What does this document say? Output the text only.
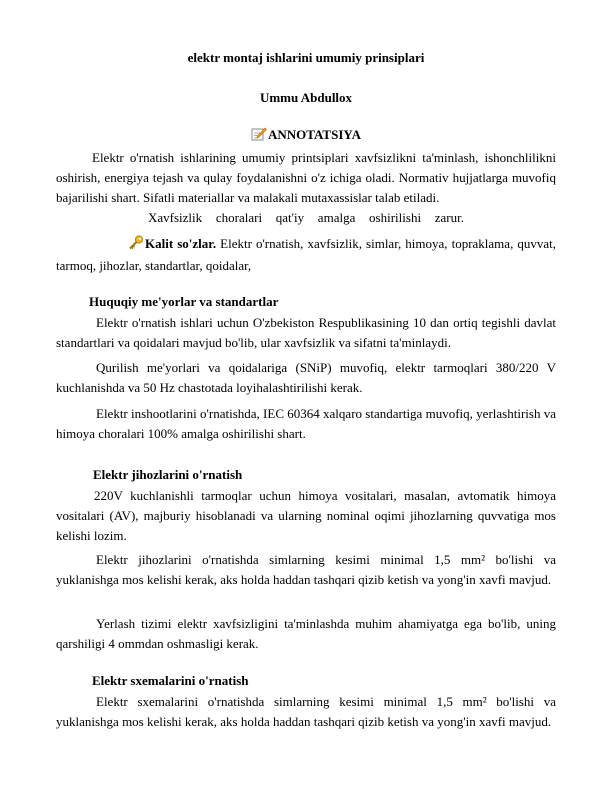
elektr montaj ishlarini umumiy prinsiplari
Ummu Abdullox
ANNOTATSIYA
Elektr o'rnatish ishlarining umumiy printsiplari xavfsizlikni ta'minlash, ishonchlilikni oshirish, energiya tejash va qulay foydalanishni o'z ichiga oladi. Normativ hujjatlarga muvofiq bajarilishi shart. Sifatli materiallar va malakali mutaxassislar talab etiladi.
Xavfsizlik choralari qat'iy amalga oshirilishi zarur.
Kalit so'zlar. Elektr o'rnatish, xavfsizlik, simlar, himoya, topraklama, quvvat, tarmoq, jihozlar, standartlar, qoidalar,
Huquqiy me'yorlar va standartlar
Elektr o'rnatish ishlari uchun O'zbekiston Respublikasining 10 dan ortiq tegishli davlat standartlari va qoidalari mavjud bo'lib, ular xavfsizlik va sifatni ta'minlaydi.
Qurilish me'yorlari va qoidalariga (SNiP) muvofiq, elektr tarmoqlari 380/220 V kuchlanishda va 50 Hz chastotada loyihalashtirilishi kerak.
Elektr inshootlarini o'rnatishda, IEC 60364 xalqaro standartiga muvofiq, yerlashtirish va himoya choralari 100% amalga oshirilishi shart.
Elektr jihozlarini o'rnatish
220V kuchlanishli tarmoqlar uchun himoya vositalari, masalan, avtomatik himoya vositalari (AV), majburiy hisoblanadi va ularning nominal oqimi jihozlarning quvvatiga mos kelishi lozim.
Elektr jihozlarini o'rnatishda simlarning kesimi minimal 1,5 mm² bo'lishi va yuklanishga mos kelishi kerak, aks holda haddan tashqari qizib ketish va yong'in xavfi mavjud.
Yerlash tizimi elektr xavfsizligini ta'minlashda muhim ahamiyatga ega bo'lib, uning qarshiligi 4 ommdan oshmasligi kerak.
Elektr sxemalarini o'rnatish
Elektr sxemalarini o'rnatishda simlarning kesimi minimal 1,5 mm² bo'lishi va yuklanishga mos kelishi kerak, aks holda haddan tashqari qizib ketish va yong'in xavfi mavjud.
